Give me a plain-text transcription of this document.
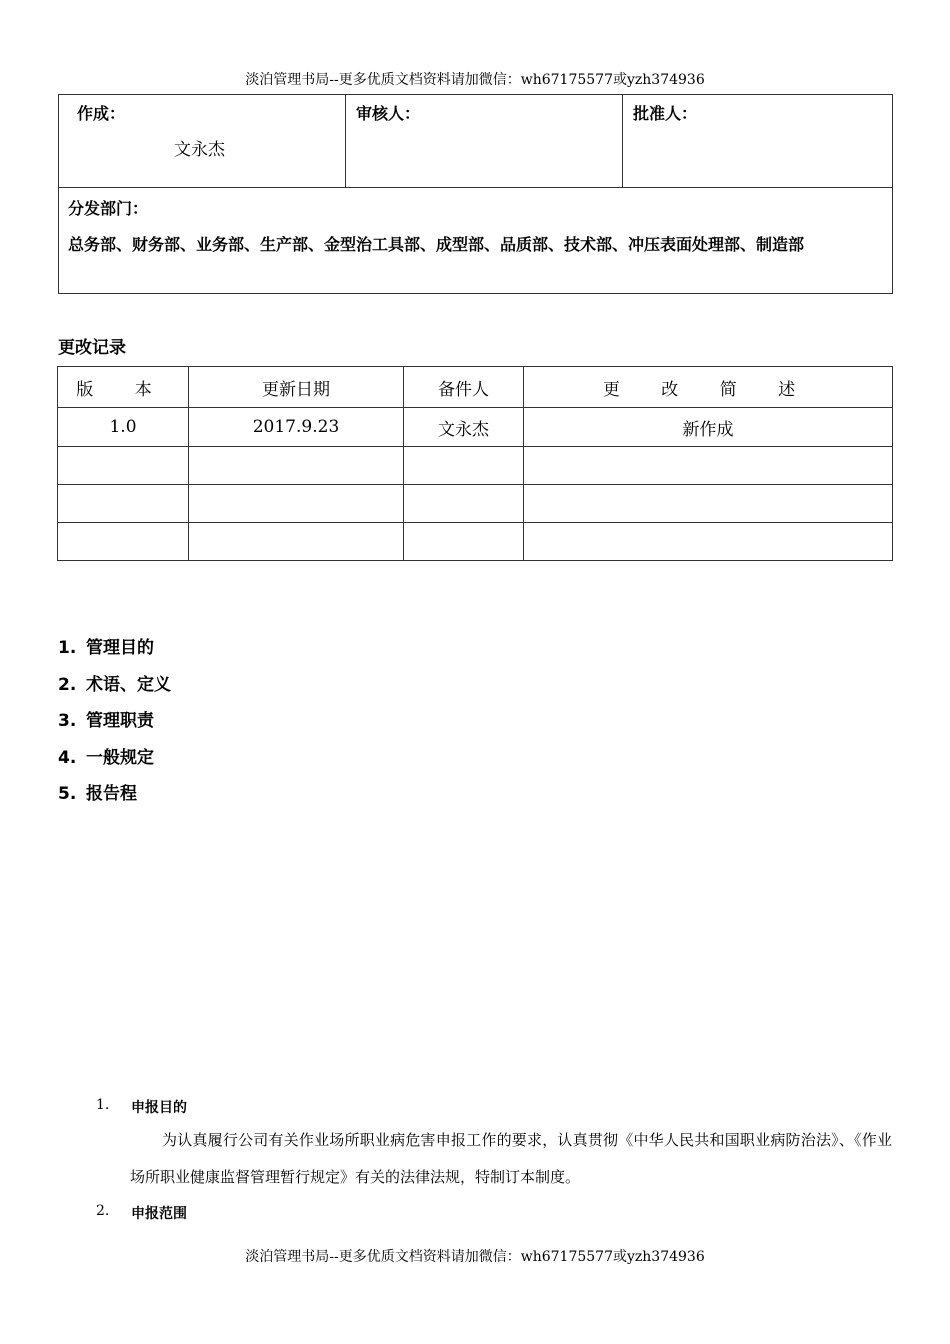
淡泊管理书局--更多优质文档资料请加微信：wh67175577或yzh374936
作成：
文永杰
审核人：	批准人：
分发部门：
总务部、财务部、业务部、生产部、金型治工具部、成型部、品质部、技术部、冲压表面处理部、制造部
更改记录
版 本	更新日期	备件人	更 改 简 述
1.0	2017.9.23	文永杰	新作成

1. 管理目的
2. 术语、定义
3. 管理职责
4. 一般规定
5. 报告程
1. 申报目的
为认真履行公司有关作业场所职业病危害申报工作的要求，认真贯彻《中华人民共和国职业病防治法》、《作业场所职业健康监督管理暂行规定》有关的法律法规，特制订本制度。
2. 申报范围
淡泊管理书局--更多优质文档资料请加微信：wh67175577或yzh374936
